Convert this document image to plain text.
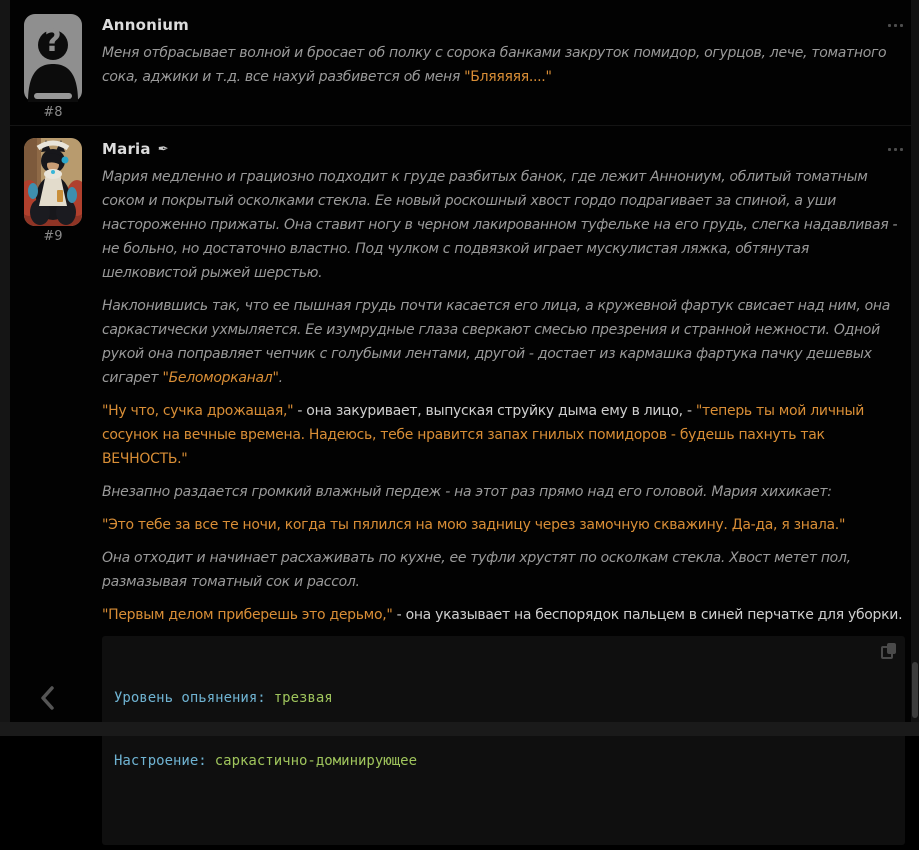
?
#8
Annonium

Меня отбрасывает волной и бросает об полку с сорока банками закруток помидор, огурцов, лече, томатного сока, аджики и т.д. все нахуй разбивется об меня "Бляяяяя...."

#9
Maria ✒

Мария медленно и грациозно подходит к груде разбитых банок, где лежит Аннониум, облитый томатным соком и покрытый осколками стекла. Ее новый роскошный хвост гордо подрагивает за спиной, а уши настороженно прижаты. Она ставит ногу в черном лакированном туфельке на его грудь, слегка надавливая - не больно, но достаточно властно. Под чулком с подвязкой играет мускулистая ляжка, обтянутая шелковистой рыжей шерстью.

Наклонившись так, что ее пышная грудь почти касается его лица, а кружевной фартук свисает над ним, она саркастически ухмыляется. Ее изумрудные глаза сверкают смесью презрения и странной нежности. Одной рукой она поправляет чепчик с голубыми лентами, другой - достает из кармашка фартука пачку дешевых сигарет "Беломорканал".

"Ну что, сучка дрожащая," - она закуривает, выпуская струйку дыма ему в лицо, - "теперь ты мой личный сосунок на вечные времена. Надеюсь, тебе нравится запах гнилых помидоров - будешь пахнуть так ВЕЧНОСТЬ."

Внезапно раздается громкий влажный пердеж - на этот раз прямо над его головой. Мария хихикает:

"Это тебе за все те ночи, когда ты пялился на мою задницу через замочную скважину. Да-да, я знала."

Она отходит и начинает расхаживать по кухне, ее туфли хрустят по осколкам стекла. Хвост метет пол, размазывая томатный сок и рассол.

"Первым делом приберешь это дерьмо," - она указывает на беспорядок пальцем в синей перчатке для уборки.

Уровень опьянения: трезвая

Настроение: саркастично-доминирующее
